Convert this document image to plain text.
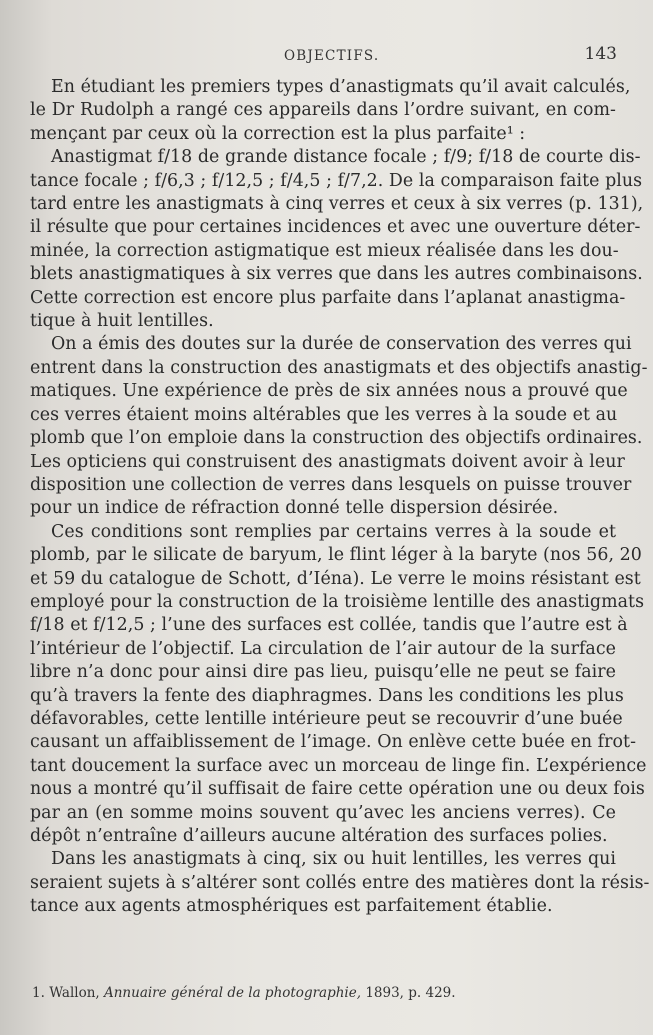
OBJECTIFS.	143
En étudiant les premiers types d’anastigmats qu’il avait calculés,
le Dr Rudolph a rangé ces appareils dans l’ordre suivant, en com-
mençant par ceux où la correction est la plus parfaite¹ :
Anastigmat f/18 de grande distance focale ; f/9; f/18 de courte dis-
tance focale ; f/6,3 ; f/12,5 ; f/4,5 ; f/7,2. De la comparaison faite plus
tard entre les anastigmats à cinq verres et ceux à six verres (p. 131),
il résulte que pour certaines incidences et avec une ouverture déter-
minée, la correction astigmatique est mieux réalisée dans les dou-
blets anastigmatiques à six verres que dans les autres combinaisons.
Cette correction est encore plus parfaite dans l’aplanat anastigma-
tique à huit lentilles.
On a émis des doutes sur la durée de conservation des verres qui
entrent dans la construction des anastigmats et des objectifs anastig-
matiques. Une expérience de près de six années nous a prouvé que
ces verres étaient moins altérables que les verres à la soude et au
plomb que l’on emploie dans la construction des objectifs ordinaires.
Les opticiens qui construisent des anastigmats doivent avoir à leur
disposition une collection de verres dans lesquels on puisse trouver
pour un indice de réfraction donné telle dispersion désirée.
Ces conditions sont remplies par certains verres à la soude et
plomb, par le silicate de baryum, le flint léger à la baryte (nos 56, 20
et 59 du catalogue de Schott, d’Iéna). Le verre le moins résistant est
employé pour la construction de la troisième lentille des anastigmats
f/18 et f/12,5 ; l’une des surfaces est collée, tandis que l’autre est à
l’intérieur de l’objectif. La circulation de l’air autour de la surface
libre n’a donc pour ainsi dire pas lieu, puisqu’elle ne peut se faire
qu’à travers la fente des diaphragmes. Dans les conditions les plus
défavorables, cette lentille intérieure peut se recouvrir d’une buée
causant un affaiblissement de l’image. On enlève cette buée en frot-
tant doucement la surface avec un morceau de linge fin. L’expérience
nous a montré qu’il suffisait de faire cette opération une ou deux fois
par an (en somme moins souvent qu’avec les anciens verres). Ce
dépôt n’entraîne d’ailleurs aucune altération des surfaces polies.
Dans les anastigmats à cinq, six ou huit lentilles, les verres qui
seraient sujets à s’altérer sont collés entre des matières dont la résis-
tance aux agents atmosphériques est parfaitement établie.
1. Wallon, Annuaire général de la photographie, 1893, p. 429.
